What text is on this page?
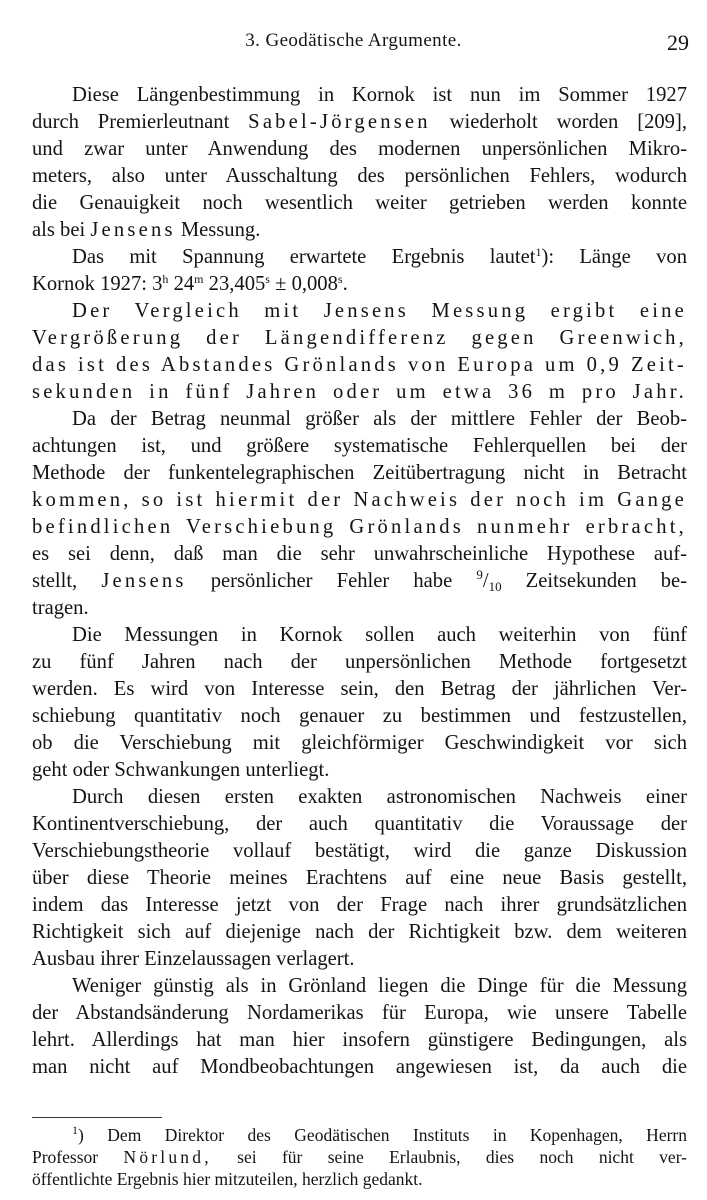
3. Geodätische Argumente.	29
Diese Längenbestimmung in Kornok ist nun im Sommer 1927
durch Premierleutnant Sabel-Jörgensen wiederholt worden [209],
und zwar unter Anwendung des modernen unpersönlichen Mikro-
meters, also unter Ausschaltung des persönlichen Fehlers, wodurch
die Genauigkeit noch wesentlich weiter getrieben werden konnte
als bei Jensens Messung.
Das mit Spannung erwartete Ergebnis lautet$^1$): Länge von
Kornok 1927: 3$^h$ 24$^m$ $23,405^s \pm 0,008^s$.
Der Vergleich mit Jensens Messung ergibt eine
Vergrößerung der Längendifferenz gegen Greenwich,
das ist des Abstandes Grönlands von Europa um 0,9 Zeit-
sekunden in fünf Jahren oder um etwa 36 m pro Jahr.
Da der Betrag neunmal größer als der mittlere Fehler der Beob-
achtungen ist, und größere systematische Fehlerquellen bei der
Methode der funkentelegraphischen Zeitübertragung nicht in Betracht
kommen, so ist hiermit der Nachweis der noch im Gange
befindlichen Verschiebung Grönlands nunmehr erbracht,
es sei denn, daß man die sehr unwahrscheinliche Hypothese auf-
stellt, Jensens persönlicher Fehler habe $^9$/10 Zeitsekunden be-
tragen.
Die Messungen in Kornok sollen auch weiterhin von fünf
zu fünf Jahren nach der unpersönlichen Methode fortgesetzt
werden. Es wird von Interesse sein, den Betrag der jährlichen Ver-
schiebung quantitativ noch genauer zu bestimmen und festzustellen,
ob die Verschiebung mit gleichförmiger Geschwindigkeit vor sich
geht oder Schwankungen unterliegt.
Durch diesen ersten exakten astronomischen Nachweis einer
Kontinentverschiebung, der auch quantitativ die Voraussage der
Verschiebungstheorie vollauf bestätigt, wird die ganze Diskussion
über diese Theorie meines Erachtens auf eine neue Basis gestellt,
indem das Interesse jetzt von der Frage nach ihrer grundsätzlichen
Richtigkeit sich auf diejenige nach der Richtigkeit bzw. dem weiteren
Ausbau ihrer Einzelaussagen verlagert.
Weniger günstig als in Grönland liegen die Dinge für die Messung
der Abstandsänderung Nordamerikas für Europa, wie unsere Tabelle
lehrt. Allerdings hat man hier insofern günstigere Bedingungen, als
man nicht auf Mondbeobachtungen angewiesen ist, da auch die
$^1$) Dem Direktor des Geodätischen Instituts in Kopenhagen, Herrn
Professor Nörlund, sei für seine Erlaubnis, dies noch nicht ver-
öffentlichte Ergebnis hier mitzuteilen, herzlich gedankt.
